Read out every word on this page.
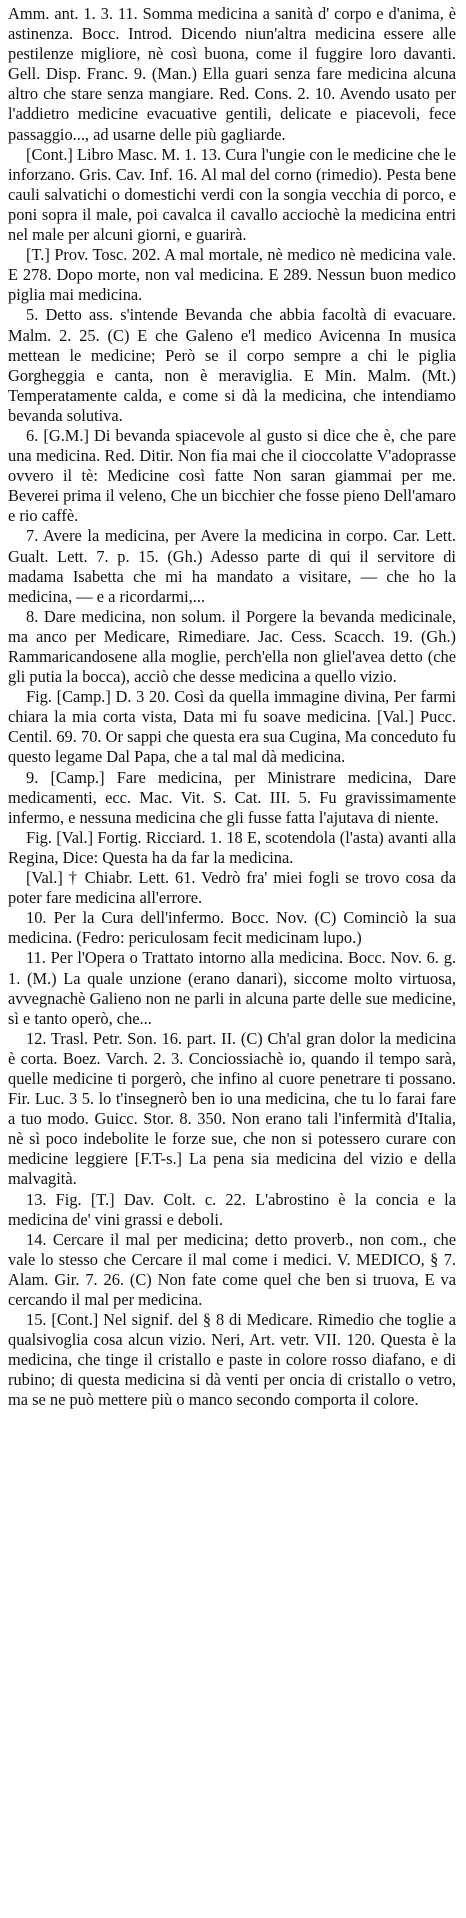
Amm. ant. 1. 3. 11. Somma medicina a sanità d' corpo e d'anima, è astinenza. Bocc. Introd. Dicendo niun'altra medicina essere alle pestilenze migliore, nè così buona, come il fuggire loro davanti. Gell. Disp. Franc. 9. (Man.) Ella guari senza fare medicina alcuna altro che stare senza mangiare. Red. Cons. 2. 10. Avendo usato per l'addietro medicine evacuative gentili, delicate e piacevoli, fece passaggio..., ad usarne delle più gagliarde.

[Cont.] Libro Masc. M. 1. 13. Cura l'ungie con le medicine che le inforzano. Gris. Cav. Inf. 16. Al mal del corno (rimedio). Pesta bene cauli salvatichi o domestichi verdi con la songia vecchia di porco, e poni sopra il male, poi cavalca il cavallo acciochè la medicina entri nel male per alcuni giorni, e guarirà.

[T.] Prov. Tosc. 202. A mal mortale, nè medico nè medicina vale. E 278. Dopo morte, non val medicina. E 289. Nessun buon medico piglia mai medicina.

5. Detto ass. s'intende Bevanda che abbia facoltà di evacuare. Malm. 2. 25. (C) E che Galeno e'l medico Avicenna In musica mettean le medicine; Però se il corpo sempre a chi le piglia Gorgheggia e canta, non è meraviglia. E Min. Malm. (Mt.) Temperatamente calda, e come si dà la medicina, che intendiamo bevanda solutiva.

6. [G.M.] Di bevanda spiacevole al gusto si dice che è, che pare una medicina. Red. Ditir. Non fia mai che il cioccolatte V'adoprasse ovvero il tè: Medicine così fatte Non saran giammai per me. Beverei prima il veleno, Che un bicchier che fosse pieno Dell'amaro e rio caffè.

7. Avere la medicina, per Avere la medicina in corpo. Car. Lett. Gualt. Lett. 7. p. 15. (Gh.) Adesso parte di qui il servitore di madama Isabetta che mi ha mandato a visitare, — che ho la medicina, — e a ricordarmi,...

8. Dare medicina, non solum. il Porgere la bevanda medicinale, ma anco per Medicare, Rimediare. Jac. Cess. Scacch. 19. (Gh.) Rammaricandosene alla moglie, perch'ella non gliel'avea detto (che gli putia la bocca), acciò che desse medicina a quello vizio.

Fig. [Camp.] D. 3 20. Così da quella immagine divina, Per farmi chiara la mia corta vista, Data mi fu soave medicina. [Val.] Pucc. Centil. 69. 70. Or sappi che questa era sua Cugina, Ma conceduto fu questo legame Dal Papa, che a tal mal dà medicina.

9. [Camp.] Fare medicina, per Ministrare medicina, Dare medicamenti, ecc. Mac. Vit. S. Cat. III. 5. Fu gravissimamente infermo, e nessuna medicina che gli fusse fatta l'ajutava di niente.

Fig. [Val.] Fortig. Ricciard. 1. 18 E, scotendola (l'asta) avanti alla Regina, Dice: Questa ha da far la medicina.

[Val.] † Chiabr. Lett. 61. Vedrò fra' miei fogli se trovo cosa da poter fare medicina all'errore.

10. Per la Cura dell'infermo. Bocc. Nov. (C) Cominciò la sua medicina. (Fedro: periculosam fecit medicinam lupo.)

11. Per l'Opera o Trattato intorno alla medicina. Bocc. Nov. 6. g. 1. (M.) La quale unzione (erano danari), siccome molto virtuosa, avvegnachè Galieno non ne parli in alcuna parte delle sue medicine, sì e tanto operò, che...

12. Trasl. Petr. Son. 16. part. II. (C) Ch'al gran dolor la medicina è corta. Boez. Varch. 2. 3. Conciossiachè io, quando il tempo sarà, quelle medicine ti porgerò, che infino al cuore penetrare ti possano. Fir. Luc. 3 5. lo t'insegnerò ben io una medicina, che tu lo farai fare a tuo modo. Guicc. Stor. 8. 350. Non erano tali l'infermità d'Italia, nè sì poco indebolite le forze sue, che non si potessero curare con medicine leggiere [F.T-s.] La pena sia medicina del vizio e della malvagità.

13. Fig. [T.] Dav. Colt. c. 22. L'abrostino è la concia e la medicina de' vini grassi e deboli.

14. Cercare il mal per medicina; detto proverb., non com., che vale lo stesso che Cercare il mal come i medici. V. MEDICO, § 7. Alam. Gir. 7. 26. (C) Non fate come quel che ben si truova, E va cercando il mal per medicina.

15. [Cont.] Nel signif. del § 8 di Medicare. Rimedio che toglie a qualsivoglia cosa alcun vizio. Neri, Art. vetr. VII. 120. Questa è la medicina, che tinge il cristallo e paste in colore rosso diafano, e di rubino; di questa medicina si dà venti per oncia di cristallo o vetro, ma se ne può mettere più o manco secondo comporta il colore.
